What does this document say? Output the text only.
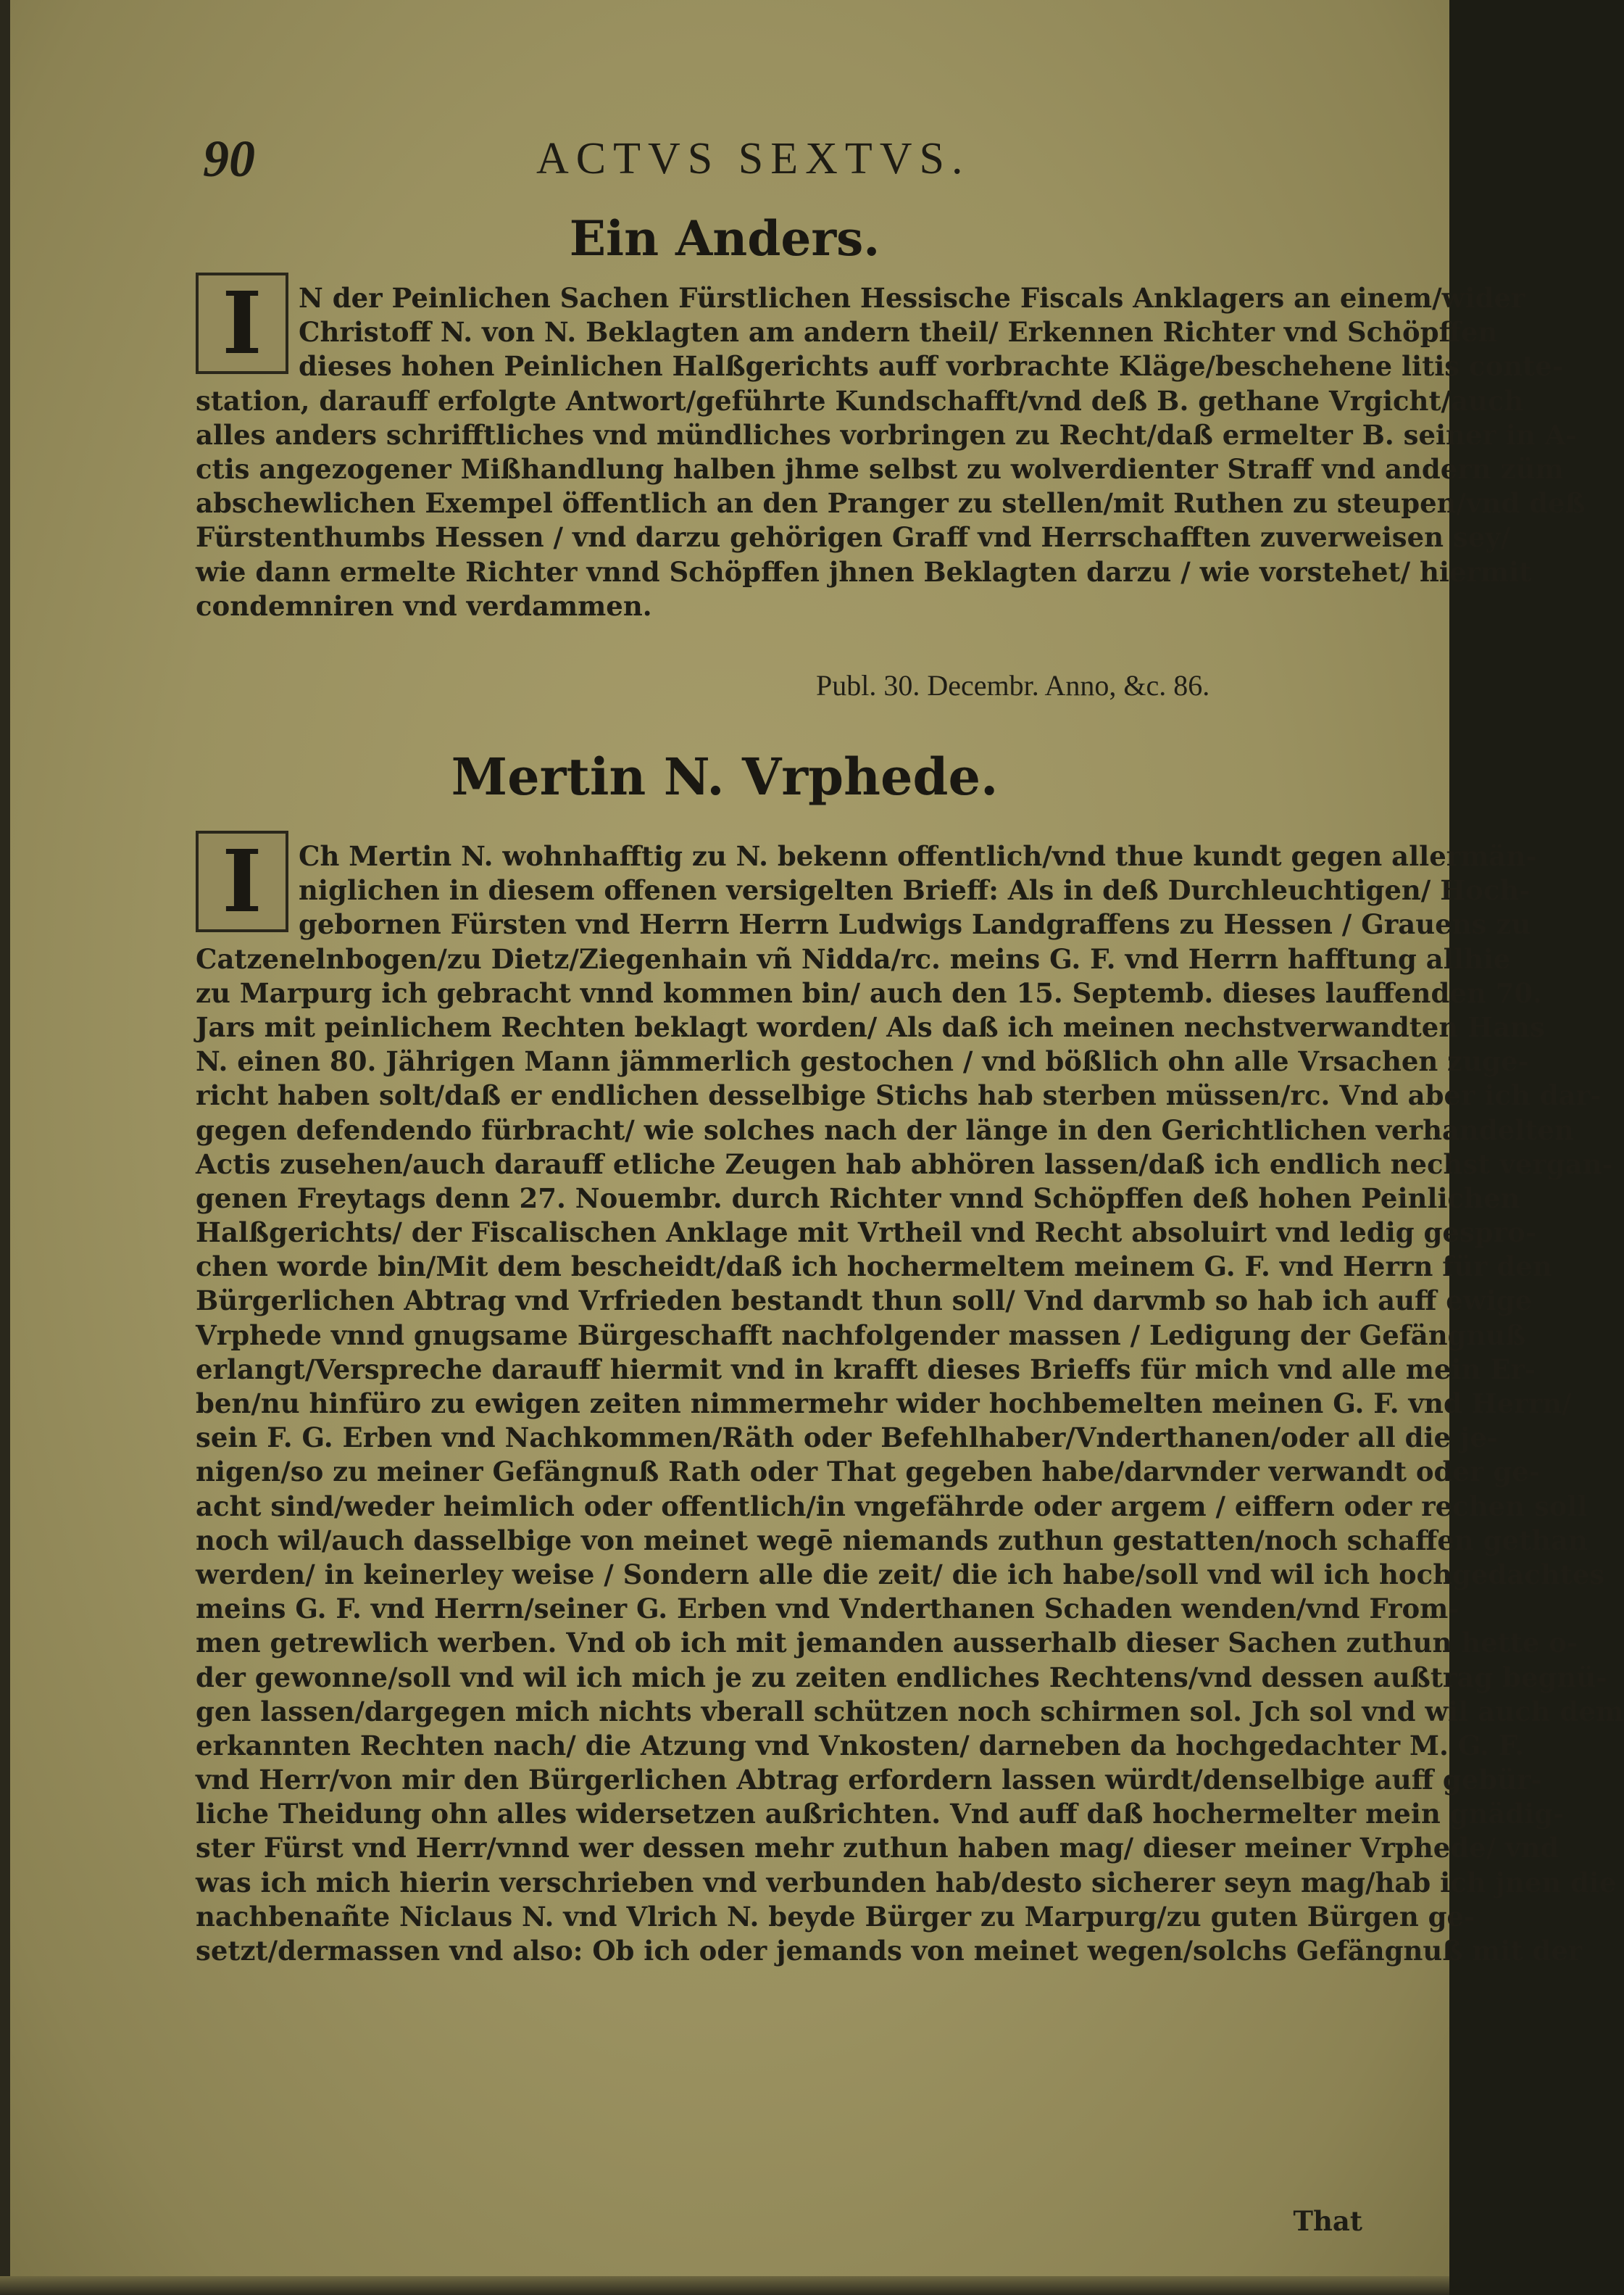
90	ACTVS SEXTVS.
Ein Anders.
I	N der Peinlichen Sachen Fürstlichen Hessische Fiscals Anklagers an einem/wider
Christoff N. von N. Beklagten am andern theil/ Erkennen Richter vnd Schöpffen
dieses hohen Peinlichen Halßgerichts auff vorbrachte Kläge/beschehene litis conte-
station, darauff erfolgte Antwort/geführte Kundschafft/vnd deß B. gethane Vrgicht/auch
alles anders schrifftliches vnd mündliches vorbringen zu Recht/daß ermelter B. seiner in A-
ctis angezogener Mißhandlung halben jhme selbst zu wolverdienter Straff vnd andern züm
abschewlichen Exempel öffentlich an den Pranger zu stellen/mit Ruthen zu steupen/vnd deß
Fürstenthumbs Hessen / vnd darzu gehörigen Graff vnd Herrschafften zuverweisen sey/
wie dann ermelte Richter vnnd Schöpffen jhnen Beklagten darzu / wie vorstehet/ hiermit
condemniren vnd verdammen.
Publ. 30. Decembr. Anno, &c. 86.
Mertin N. Vrphede.
I	Ch Mertin N. wohnhafftig zu N. bekenn offentlich/vnd thue kundt gegen allermän-
niglichen in diesem offenen versigelten Brieff: Als in deß Durchleuchtigen/ Hoch-
gebornen Fürsten vnd Herrn Herrn Ludwigs Landgraffens zu Hessen / Grauens zu
Catzenelnbogen/zu Dietz/Ziegenhain vñ Nidda/rc. meins G. F. vnd Herrn hafftung allhie
zu Marpurg ich gebracht vnnd kommen bin/ auch den 15. Septemb. dieses lauffenden 70.
Jars mit peinlichem Rechten beklagt worden/ Als daß ich meinen nechstverwandten Hans
N. einen 80. Jährigen Mann jämmerlich gestochen / vnd bößlich ohn alle Vrsachen zuge-
richt haben solt/daß er endlichen desselbige Stichs hab sterben müssen/rc. Vnd aber ich dar-
gegen defendendo fürbracht/ wie solches nach der länge in den Gerichtlichen verhandelten
Actis zusehen/auch darauff etliche Zeugen hab abhören lassen/daß ich endlich nechst vergan-
genen Freytags denn 27. Nouembr. durch Richter vnnd Schöpffen deß hohen Peinlichen
Halßgerichts/ der Fiscalischen Anklage mit Vrtheil vnd Recht absoluirt vnd ledig gespro-
chen worde bin/Mit dem bescheidt/daß ich hochermeltem meinem G. F. vnd Herrn für den
Bürgerlichen Abtrag vnd Vrfrieden bestandt thun soll/ Vnd darvmb so hab ich auff ewige
Vrphede vnnd gnugsame Bürgeschafft nachfolgender massen / Ledigung der Gefängnuß
erlangt/Verspreche darauff hiermit vnd in krafft dieses Brieffs für mich vnd alle mein Er-
ben/nu hinfüro zu ewigen zeiten nimmermehr wider hochbemelten meinen G. F. vnd Herrn/
sein F. G. Erben vnd Nachkommen/Räth oder Befehlhaber/Vnderthanen/oder all die je-
nigen/so zu meiner Gefängnuß Rath oder That gegeben habe/darvnder verwandt oder ge-
acht sind/weder heimlich oder offentlich/in vngefährde oder argem / eiffern oder rechen soll
noch wil/auch dasselbige von meinet wegē niemands zuthun gestatten/noch schaffen gethan
werden/ in keinerley weise / Sondern alle die zeit/ die ich habe/soll vnd wil ich hochgedachtes
meins G. F. vnd Herrn/seiner G. Erben vnd Vnderthanen Schaden wenden/vnd From-
men getrewlich werben. Vnd ob ich mit jemanden ausserhalb dieser Sachen zuthun hette o-
der gewonne/soll vnd wil ich mich je zu zeiten endliches Rechtens/vnd dessen außtrag begnü-
gen lassen/dargegen mich nichts vberall schützen noch schirmen sol. Jch sol vnd wil auch dem
erkannten Rechten nach/ die Atzung vnd Vnkosten/ darneben da hochgedachter M. G. F.
vnd Herr/von mir den Bürgerlichen Abtrag erfordern lassen würdt/denselbige auff gebür-
liche Theidung ohn alles widersetzen außrichten. Vnd auff daß hochermelter mein gnädig-
ster Fürst vnd Herr/vnnd wer dessen mehr zuthun haben mag/ dieser meiner Vrphede/ vnd
was ich mich hierin verschrieben vnd verbunden hab/desto sicherer seyn mag/hab ich jnen die
nachbenañte Niclaus N. vnd Vlrich N. beyde Bürger zu Marpurg/zu guten Bürgen ge-
setzt/dermassen vnd also: Ob ich oder jemands von meinet wegen/solchs Gefängnuß mit der
That
